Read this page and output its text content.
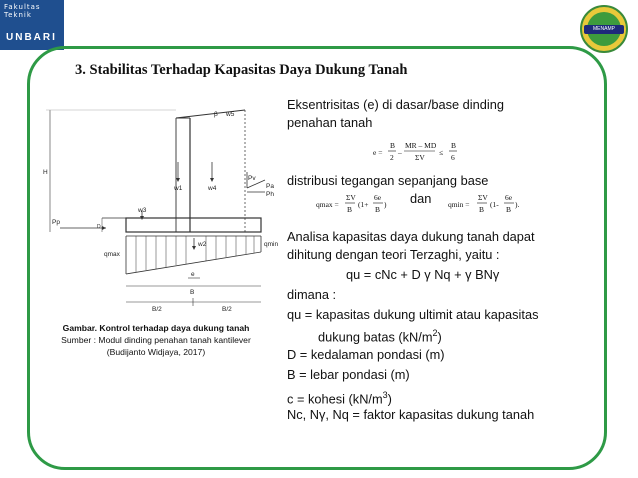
Fakultas Teknik
UNBARI
MENAMP
3. Stabilitas Terhadap Kapasitas Daya Dukung Tanah
H
D
Pp
w1	w4
w3
w2
w5
β
Pv
Pa
Ph
qmax
qmin
e
B
B/2	B/2
Gambar. Kontrol terhadap daya dukung tanah
Sumber : Modul dinding penahan tanah kantilever
(Budijanto Widjaya, 2017)
Eksentrisitas (e) di dasar/base dinding
penahan tanah
e =
B
2
–
MR – MD
ΣV
≤
B
6
distribusi tegangan sepanjang base
qmax =
ΣV
B
(1+
6e
B
) dan qmin =
ΣV
B
(1-
6e
B
).
Analisa kapasitas daya dukung tanah dapat
dihitung dengan teori Terzaghi, yaitu :
qu = cNc + D γ Nq + γ BNγ
dimana :
qu = kapasitas dukung ultimit atau kapasitas
dukung batas $(kN/m^2)$
D = kedalaman pondasi (m)
B = lebar pondasi (m)
c = kohesi $(kN/m^3)$
Nc, Nγ, Nq = faktor kapasitas dukung tanah
